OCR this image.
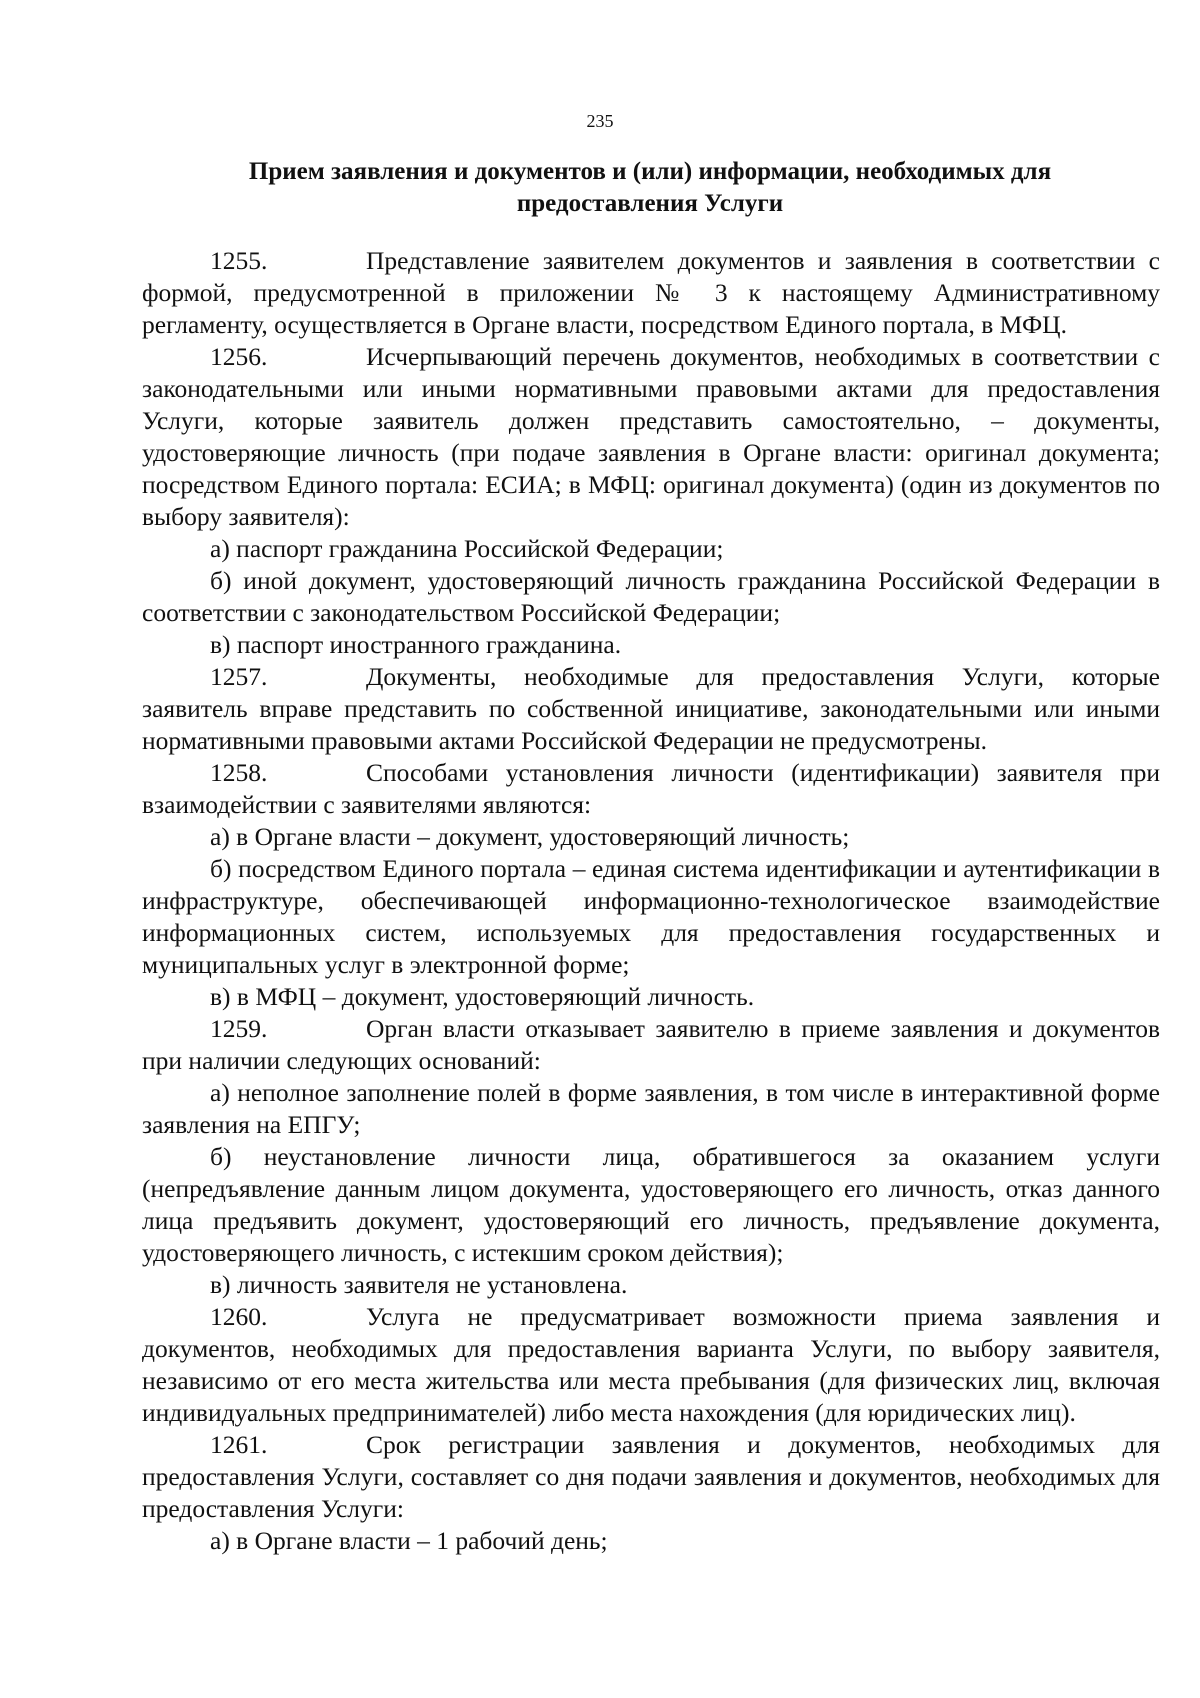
235
Прием заявления и документов и (или) информации, необходимых для
предоставления Услуги

1255.	Представление заявителем документов и заявления в соответствии с формой, предусмотренной в приложении № 3 к настоящему Административному регламенту, осуществляется в Органе власти, посредством Единого портала, в МФЦ.

1256.	Исчерпывающий перечень документов, необходимых в соответствии с законодательными или иными нормативными правовыми актами для предоставления Услуги, которые заявитель должен представить самостоятельно, – документы, удостоверяющие личность (при подаче заявления в Органе власти: оригинал документа; посредством Единого портала: ЕСИА; в МФЦ: оригинал документа) (один из документов по выбору заявителя):

а) паспорт гражданина Российской Федерации;

б) иной документ, удостоверяющий личность гражданина Российской Федерации в соответствии с законодательством Российской Федерации;

в) паспорт иностранного гражданина.

1257.	Документы, необходимые для предоставления Услуги, которые заявитель вправе представить по собственной инициативе, законодательными или иными нормативными правовыми актами Российской Федерации не предусмотрены.

1258.	Способами установления личности (идентификации) заявителя при взаимодействии с заявителями являются:

а) в Органе власти – документ, удостоверяющий личность;

б) посредством Единого портала – единая система идентификации и аутентификации в инфраструктуре, обеспечивающей информационно-технологическое взаимодействие информационных систем, используемых для предоставления государственных и муниципальных услуг в электронной форме;

в) в МФЦ – документ, удостоверяющий личность.

1259.	Орган власти отказывает заявителю в приеме заявления и документов при наличии следующих оснований:

а) неполное заполнение полей в форме заявления, в том числе в интерактивной форме заявления на ЕПГУ;

б) неустановление личности лица, обратившегося за оказанием услуги (непредъявление данным лицом документа, удостоверяющего его личность, отказ данного лица предъявить документ, удостоверяющий его личность, предъявление документа, удостоверяющего личность, с истекшим сроком действия);

в) личность заявителя не установлена.

1260.	Услуга не предусматривает возможности приема заявления и документов, необходимых для предоставления варианта Услуги, по выбору заявителя, независимо от его места жительства или места пребывания (для физических лиц, включая индивидуальных предпринимателей) либо места нахождения (для юридических лиц).

1261.	Срок регистрации заявления и документов, необходимых для предоставления Услуги, составляет со дня подачи заявления и документов, необходимых для предоставления Услуги:

а) в Органе власти – 1 рабочий день;
